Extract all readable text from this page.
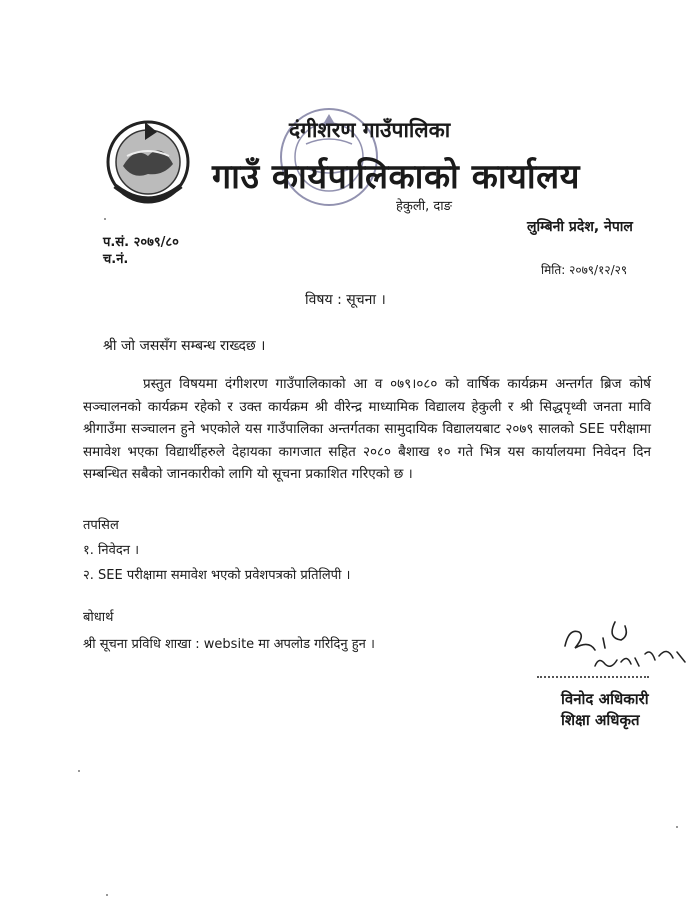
दंगीशरण गाउँपालिका
गाउँ कार्यपालिकाको कार्यालय
हेकुली, दाङ
लुम्बिनी प्रदेश, नेपाल
प.सं. २०७९/८०
च.नं.
मिति: २०७९/१२/२९
विषय : सूचना ।
श्री जो जससँग सम्बन्ध राख्दछ ।
प्रस्तुत विषयमा दंगीशरण गाउँपालिकाको आ व ०७९।०८० को वार्षिक कार्यक्रम अन्तर्गत ब्रिज कोर्ष सञ्चालनको कार्यक्रम रहेको र उक्त कार्यक्रम श्री वीरेन्द्र माध्यामिक विद्यालय हेकुली र श्री सिद्धपृथ्वी जनता मावि श्रीगाउँमा सञ्चालन हुने भएकोले यस गाउँपालिका अन्तर्गतका सामुदायिक विद्यालयबाट २०७९ सालको SEE परीक्षामा समावेश भएका विद्यार्थीहरुले देहायका कागजात सहित २०८० बैशाख १० गते भित्र यस कार्यालयमा निवेदन दिन सम्बन्धित सबैको जानकारीको लागि यो सूचना प्रकाशित गरिएको छ ।
तपसिल
१. निवेदन ।
२. SEE परीक्षामा समावेश भएको प्रवेशपत्रको प्रतिलिपी ।
बोधार्थ
श्री सूचना प्रविधि शाखा : website मा अपलोड गरिदिनु हुन ।
विनोद अधिकारी
शिक्षा अधिकृत
